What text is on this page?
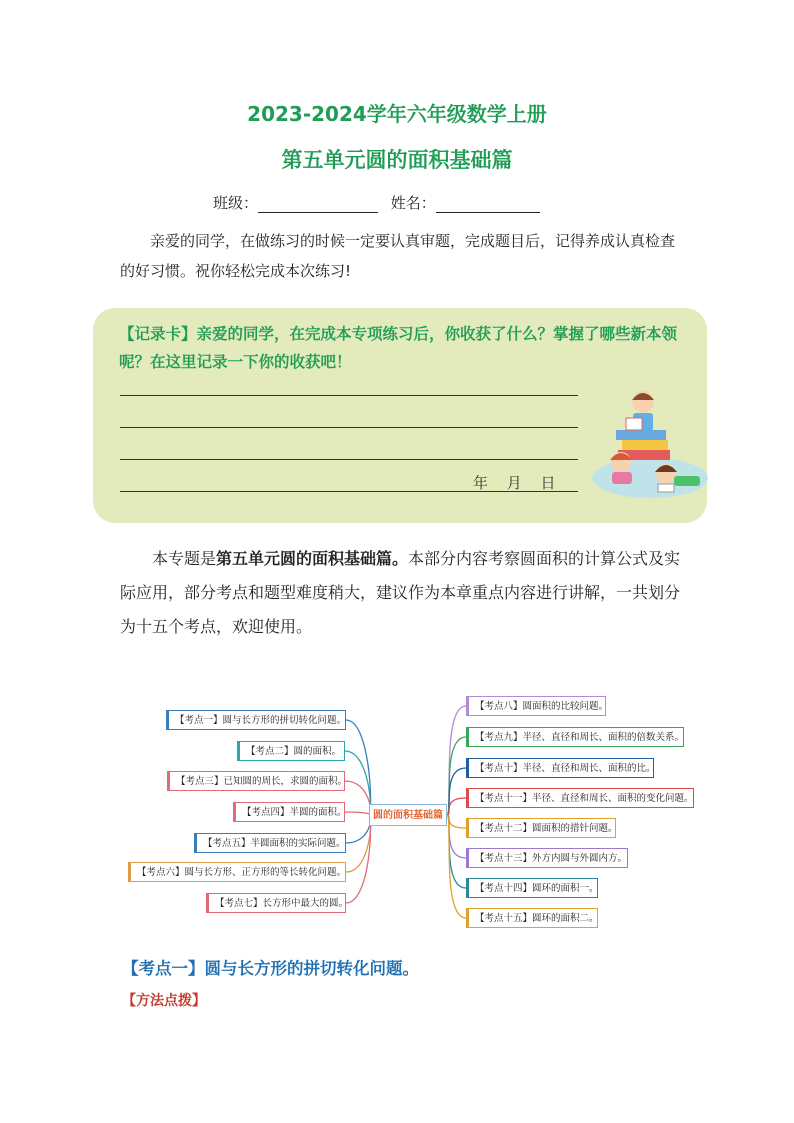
2023-2024学年六年级数学上册
第五单元圆的面积基础篇
班级：	姓名：
亲爱的同学，在做练习的时候一定要认真审题，完成题目后，记得养成认真检查的好习惯。祝你轻松完成本次练习!
【记录卡】亲爱的同学，在完成本专项练习后，你收获了什么？掌握了哪些新本领呢？在这里记录一下你的收获吧！
年 月 日
本专题是第五单元圆的面积基础篇。本部分内容考察圆面积的计算公式及实际应用，部分考点和题型难度稍大，建议作为本章重点内容进行讲解，一共划分为十五个考点，欢迎使用。
圆的面积基础篇
【考点一】圆与长方形的拼切转化问题。
【考点二】圆的面积。
【考点三】已知圆的周长，求圆的面积。
【考点四】半圆的面积。
【考点五】半圆面积的实际问题。
【考点六】圆与长方形、正方形的等长转化问题。
【考点七】长方形中最大的圆。
【考点八】圆面积的比较问题。
【考点九】半径、直径和周长、面积的倍数关系。
【考点十】半径、直径和周长、面积的比。
【考点十一】半径、直径和周长、面积的变化问题。
【考点十二】圆面积的措针问题。
【考点十三】外方内圆与外圆内方。
【考点十四】圆环的面积一。
【考点十五】圆环的面积二。
【考点一】圆与长方形的拼切转化问题。
【方法点拨】
